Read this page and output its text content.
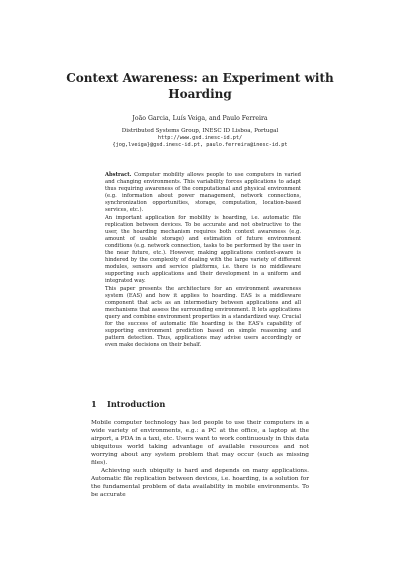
Context Awareness: an Experiment with
Hoarding
João Garcia, Luís Veiga, and Paulo Ferreira
Distributed Systems Group, INESC ID Lisboa, Portugal
http://www.gsd.inesc-id.pt/
{jog,lveiga}@gsd.inesc-id.pt, paulo.ferreira@inesc-id.pt

Abstract. Computer mobility allows people to use computers in varied and changing environments. This variability forces applications to adapt thus requiring awareness of the computational and physical environment (e.g. information about power management, network connections, synchronization opportunities, storage, computation, location-based services, etc.).

An important application for mobility is hoarding, i.e. automatic file replication between devices. To be accurate and not obstructive to the user, the hoarding mechanism requires both context awareness (e.g. amount of usable storage) and estimation of future environment conditions (e.g. network connection, tasks to be performed by the user in the near future, etc.). However, making applications context-aware is hindered by the complexity of dealing with the large variety of different modules, sensors and service platforms, i.e. there is no middleware supporting such applications and their development in a uniform and integrated way.

This paper presents the architecture for an environment awareness system (EAS) and how it applies to hoarding. EAS is a middleware component that acts as an intermediary between applications and all mechanisms that assess the surrounding environment. It lets applications query and combine environment properties in a standardized way. Crucial for the success of automatic file hoarding is the EAS's capability of supporting environment prediction based on simple reasoning and pattern detection. Thus, applications may advise users accordingly or even make decisions on their behalf.

1 Introduction

Mobile computer technology has led people to use their computers in a wide variety of environments, e.g.: a PC at the office, a laptop at the airport, a PDA in a taxi, etc. Users want to work continuously in this data ubiquitous world taking advantage of available resources and not worrying about any system problem that may occur (such as missing files).

Achieving such ubiquity is hard and depends on many applications. Automatic file replication between devices, i.e. hoarding, is a solution for the fundamental problem of data availability in mobile environments. To be accurate
